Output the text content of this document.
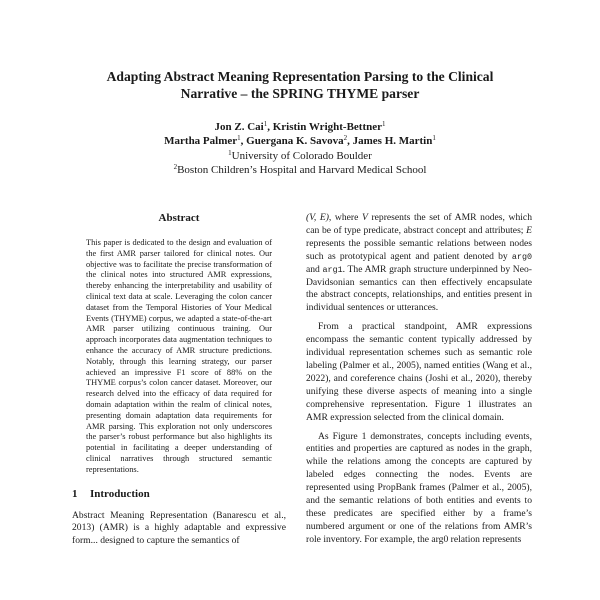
Adapting Abstract Meaning Representation Parsing to the Clinical
Narrative – the SPRING THYME parser
Jon Z. Cai$^1$, Kristin Wright-Bettner$^1$
Martha Palmer$^1$, Guergana K. Savova$^2$, James H. Martin$^1$
$^1$University of Colorado Boulder
$^2$Boston Children’s Hospital and Harvard Medical School
Abstract

This paper is dedicated to the design and evaluation of the first AMR parser tailored for clinical notes. Our objective was to facilitate the precise transformation of the clinical notes into structured AMR expressions, thereby enhancing the interpretability and usability of clinical text data at scale. Leveraging the colon cancer dataset from the Temporal Histories of Your Medical Events (THYME) corpus, we adapted a state-of-the-art AMR parser utilizing continuous training. Our approach incorporates data augmentation techniques to enhance the accuracy of AMR structure predictions. Notably, through this learning strategy, our parser achieved an impressive F1 score of 88% on the THYME corpus’s colon cancer dataset. Moreover, our research delved into the efficacy of data required for domain adaptation within the realm of clinical notes, presenting domain adaptation data requirements for AMR parsing. This exploration not only underscores the parser’s robust performance but also highlights its potential in facilitating a deeper understanding of clinical narratives through structured semantic representations.

1 Introduction

Abstract Meaning Representation (Banarescu et al., 2013) (AMR) is a highly adaptable and expressive form... designed to capture the semantics of

(V, E), where V represents the set of AMR nodes, which can be of type predicate, abstract concept and attributes; E represents the possible semantic relations between nodes such as prototypical agent and patient denoted by arg0 and arg1. The AMR graph structure underpinned by Neo-Davidsonian semantics can then effectively encapsulate the abstract concepts, relationships, and entities present in individual sentences or utterances.

From a practical standpoint, AMR expressions encompass the semantic content typically addressed by individual representation schemes such as semantic role labeling (Palmer et al., 2005), named entities (Wang et al., 2022), and coreference chains (Joshi et al., 2020), thereby unifying these diverse aspects of meaning into a single comprehensive representation. Figure 1 illustrates an AMR expression selected from the clinical domain.

As Figure 1 demonstrates, concepts including events, entities and properties are captured as nodes in the graph, while the relations among the concepts are captured by labeled edges connecting the nodes. Events are represented using PropBank frames (Palmer et al., 2005), and the semantic relations of both entities and events to these predicates are specified either by a frame’s numbered argument or one of the relations from AMR’s role inventory. For example, the arg0 relation represents
